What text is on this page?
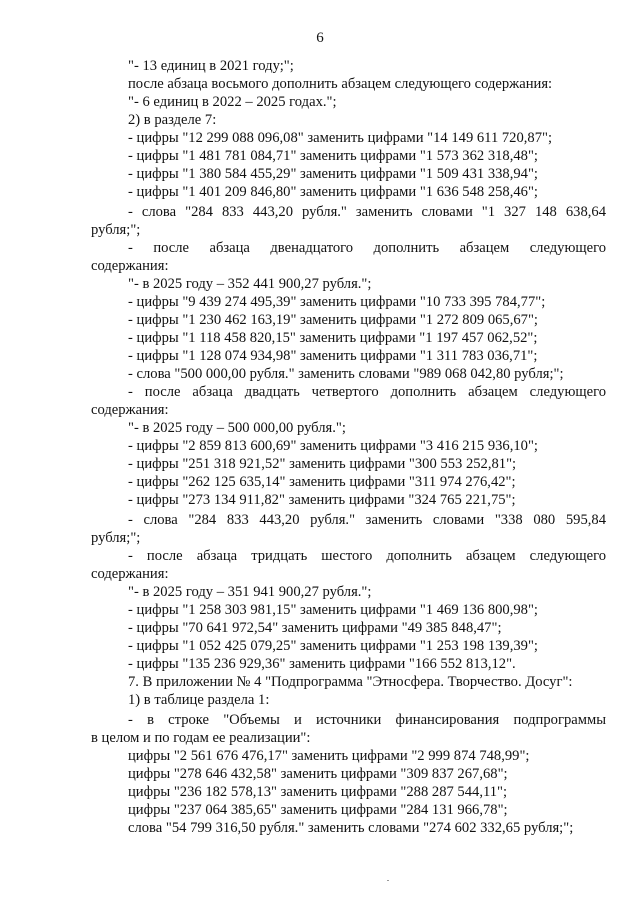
6
"- 13 единиц в 2021 году;";
после абзаца восьмого дополнить абзацем следующего содержания:
"- 6 единиц в 2022 – 2025 годах.";
2) в разделе 7:
- цифры "12 299 088 096,08" заменить цифрами "14 149 611 720,87";
- цифры "1 481 781 084,71" заменить цифрами "1 573 362 318,48";
- цифры "1 380 584 455,29" заменить цифрами "1 509 431 338,94";
- цифры "1 401 209 846,80" заменить цифрами "1 636 548 258,46";
- слова "284 833 443,20 рубля." заменить словами "1 327 148 638,64
рубля;";
- после абзаца двенадцатого дополнить абзацем следующего
содержания:
"- в 2025 году – 352 441 900,27 рубля.";
- цифры "9 439 274 495,39" заменить цифрами "10 733 395 784,77";
- цифры "1 230 462 163,19" заменить цифрами "1 272 809 065,67";
- цифры "1 118 458 820,15" заменить цифрами "1 197 457 062,52";
- цифры "1 128 074 934,98" заменить цифрами "1 311 783 036,71";
- слова "500 000,00 рубля." заменить словами "989 068 042,80 рубля;";
- после абзаца двадцать четвертого дополнить абзацем следующего
содержания:
"- в 2025 году – 500 000,00 рубля.";
- цифры "2 859 813 600,69" заменить цифрами "3 416 215 936,10";
- цифры "251 318 921,52" заменить цифрами "300 553 252,81";
- цифры "262 125 635,14" заменить цифрами "311 974 276,42";
- цифры "273 134 911,82" заменить цифрами "324 765 221,75";
- слова "284 833 443,20 рубля." заменить словами "338 080 595,84
рубля;";
- после абзаца тридцать шестого дополнить абзацем следующего
содержания:
"- в 2025 году – 351 941 900,27 рубля.";
- цифры "1 258 303 981,15" заменить цифрами "1 469 136 800,98";
- цифры "70 641 972,54" заменить цифрами "49 385 848,47";
- цифры "1 052 425 079,25" заменить цифрами "1 253 198 139,39";
- цифры "135 236 929,36" заменить цифрами "166 552 813,12".
7. В приложении № 4 "Подпрограмма "Этносфера. Творчество. Досуг":
1) в таблице раздела 1:
- в строке "Объемы и источники финансирования подпрограммы
в целом и по годам ее реализации":
цифры "2 561 676 476,17" заменить цифрами "2 999 874 748,99";
цифры "278 646 432,58" заменить цифрами "309 837 267,68";
цифры "236 182 578,13" заменить цифрами "288 287 544,11";
цифры "237 064 385,65" заменить цифрами "284 131 966,78";
слова "54 799 316,50 рубля." заменить словами "274 602 332,65 рубля;";
